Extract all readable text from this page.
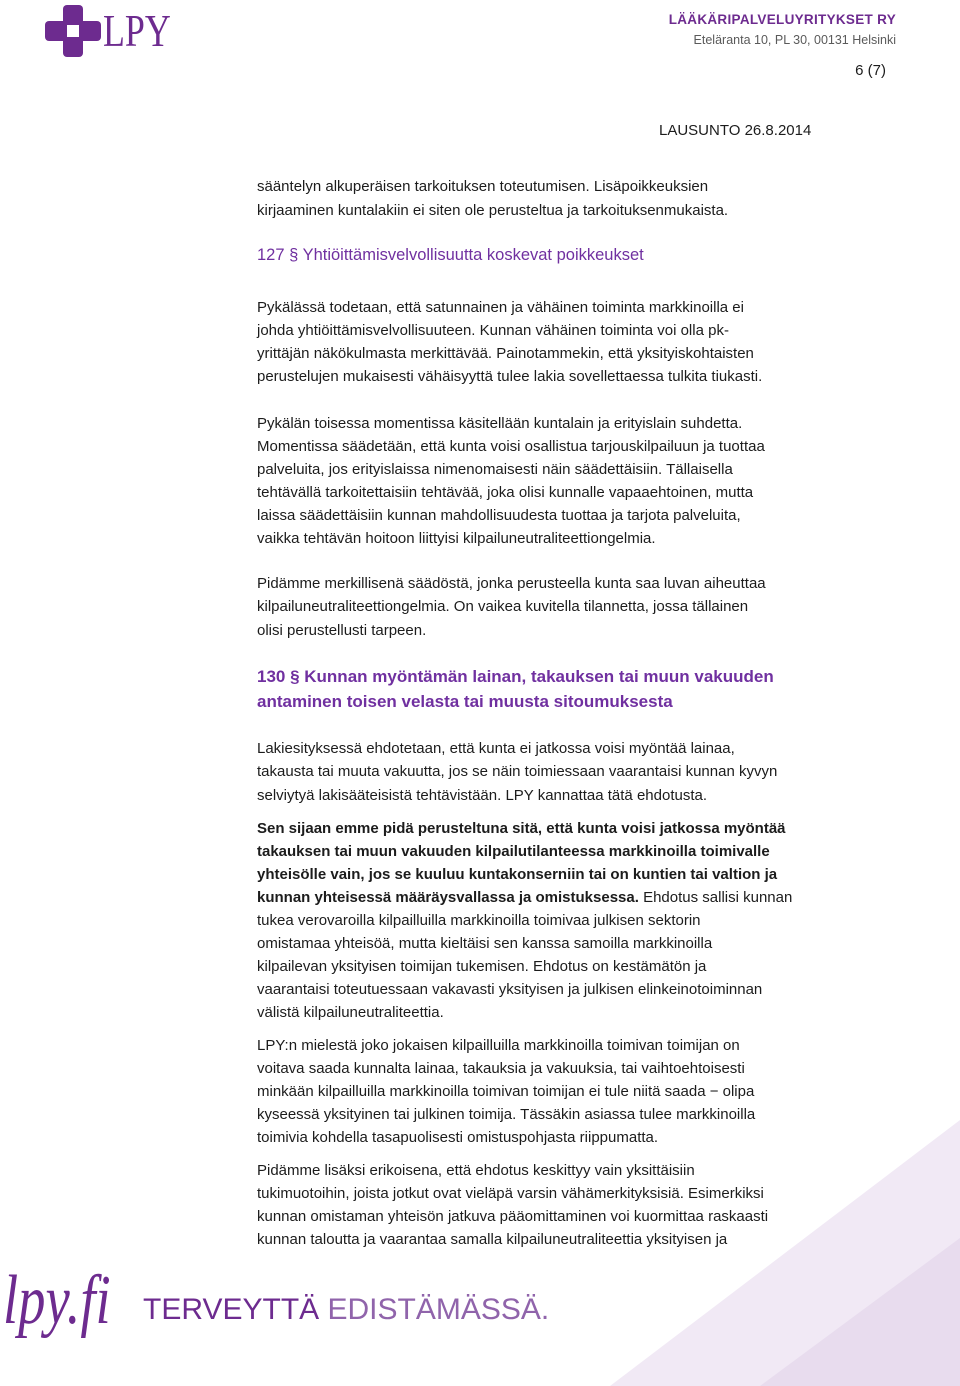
LPY	LÄÄKÄRIPALVELUYRITYKSET RY
Eteläranta 10, PL 30, 00131 Helsinki
6 (7)
LAUSUNTO 26.8.2014
sääntelyn alkuperäisen tarkoituksen toteutumisen. Lisäpoikkeuksien
kirjaaminen kuntalakiin ei siten ole perusteltua ja tarkoituksenmukaista.
127 § Yhtiöittämisvelvollisuutta koskevat poikkeukset
Pykälässä todetaan, että satunnainen ja vähäinen toiminta markkinoilla ei
johda yhtiöittämisvelvollisuuteen. Kunnan vähäinen toiminta voi olla pk-
yrittäjän näkökulmasta merkittävää. Painotammekin, että yksityiskohtaisten
perustelujen mukaisesti vähäisyyttä tulee lakia sovellettaessa tulkita tiukasti.
Pykälän toisessa momentissa käsitellään kuntalain ja erityislain suhdetta.
Momentissa säädetään, että kunta voisi osallistua tarjouskilpailuun ja tuottaa
palveluita, jos erityislaissa nimenomaisesti näin säädettäisiin. Tällaisella
tehtävällä tarkoitettaisiin tehtävää, joka olisi kunnalle vapaaehtoinen, mutta
laissa säädettäisiin kunnan mahdollisuudesta tuottaa ja tarjota palveluita,
vaikka tehtävän hoitoon liittyisi kilpailuneutraliteettiongelmia.
Pidämme merkillisenä säädöstä, jonka perusteella kunta saa luvan aiheuttaa
kilpailuneutraliteettiongelmia. On vaikea kuvitella tilannetta, jossa tällainen
olisi perustellusti tarpeen.
130 § Kunnan myöntämän lainan, takauksen tai muun vakuuden
antaminen toisen velasta tai muusta sitoumuksesta
Lakiesityksessä ehdotetaan, että kunta ei jatkossa voisi myöntää lainaa,
takausta tai muuta vakuutta, jos se näin toimiessaan vaarantaisi kunnan kyvyn
selviytyä lakisääteisistä tehtävistään. LPY kannattaa tätä ehdotusta.
Sen sijaan emme pidä perusteltuna sitä, että kunta voisi jatkossa myöntää
takauksen tai muun vakuuden kilpailutilanteessa markkinoilla toimivalle
yhteisölle vain, jos se kuuluu kuntakonserniin tai on kuntien tai valtion ja
kunnan yhteisessä määräysvallassa ja omistuksessa. Ehdotus sallisi kunnan
tukea verovaroilla kilpailluilla markkinoilla toimivaa julkisen sektorin
omistamaa yhteisöä, mutta kieltäisi sen kanssa samoilla markkinoilla
kilpailevan yksityisen toimijan tukemisen. Ehdotus on kestämätön ja
vaarantaisi toteutuessaan vakavasti yksityisen ja julkisen elinkeinotoiminnan
välistä kilpailuneutraliteettia.
LPY:n mielestä joko jokaisen kilpailluilla markkinoilla toimivan toimijan on
voitava saada kunnalta lainaa, takauksia ja vakuuksia, tai vaihtoehtoisesti
minkään kilpailluilla markkinoilla toimivan toimijan ei tule niitä saada − olipa
kyseessä yksityinen tai julkinen toimija. Tässäkin asiassa tulee markkinoilla
toimivia kohdella tasapuolisesti omistuspohjasta riippumatta.
Pidämme lisäksi erikoisena, että ehdotus keskittyy vain yksittäisiin
tukimuotoihin, joista jotkut ovat vieläpä varsin vähämerkityksisiä. Esimerkiksi
kunnan omistaman yhteisön jatkuva pääomittaminen voi kuormittaa raskaasti
kunnan taloutta ja vaarantaa samalla kilpailuneutraliteettia yksityisen ja
lpy.fi TERVEYTTÄ EDISTÄMÄSSÄ.
